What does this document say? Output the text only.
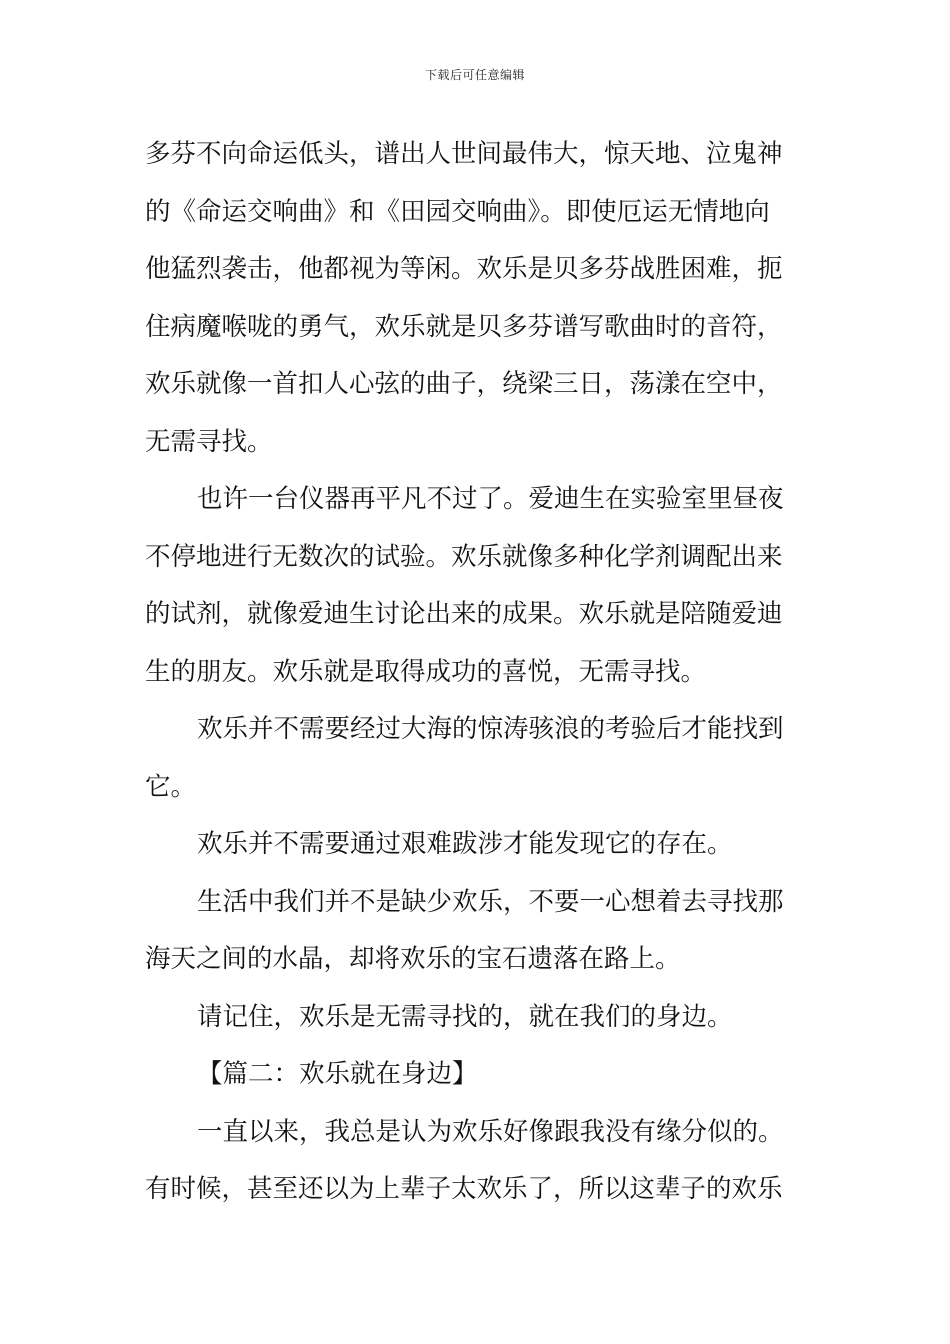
下载后可任意编辑
多芬不向命运低头，谱出人世间最伟大，惊天地、泣鬼神
的《命运交响曲》和《田园交响曲》。即使厄运无情地向
他猛烈袭击，他都视为等闲。欢乐是贝多芬战胜困难，扼
住病魔喉咙的勇气，欢乐就是贝多芬谱写歌曲时的音符，
欢乐就像一首扣人心弦的曲子，绕梁三日，荡漾在空中，
无需寻找。
也许一台仪器再平凡不过了。爱迪生在实验室里昼夜
不停地进行无数次的试验。欢乐就像多种化学剂调配出来
的试剂，就像爱迪生讨论出来的成果。欢乐就是陪随爱迪
生的朋友。欢乐就是取得成功的喜悦，无需寻找。
欢乐并不需要经过大海的惊涛骇浪的考验后才能找到
它。
欢乐并不需要通过艰难跋涉才能发现它的存在。
生活中我们并不是缺少欢乐，不要一心想着去寻找那
海天之间的水晶，却将欢乐的宝石遗落在路上。
请记住，欢乐是无需寻找的，就在我们的身边。
【篇二：欢乐就在身边】
一直以来，我总是认为欢乐好像跟我没有缘分似的。
有时候，甚至还以为上辈子太欢乐了，所以这辈子的欢乐
